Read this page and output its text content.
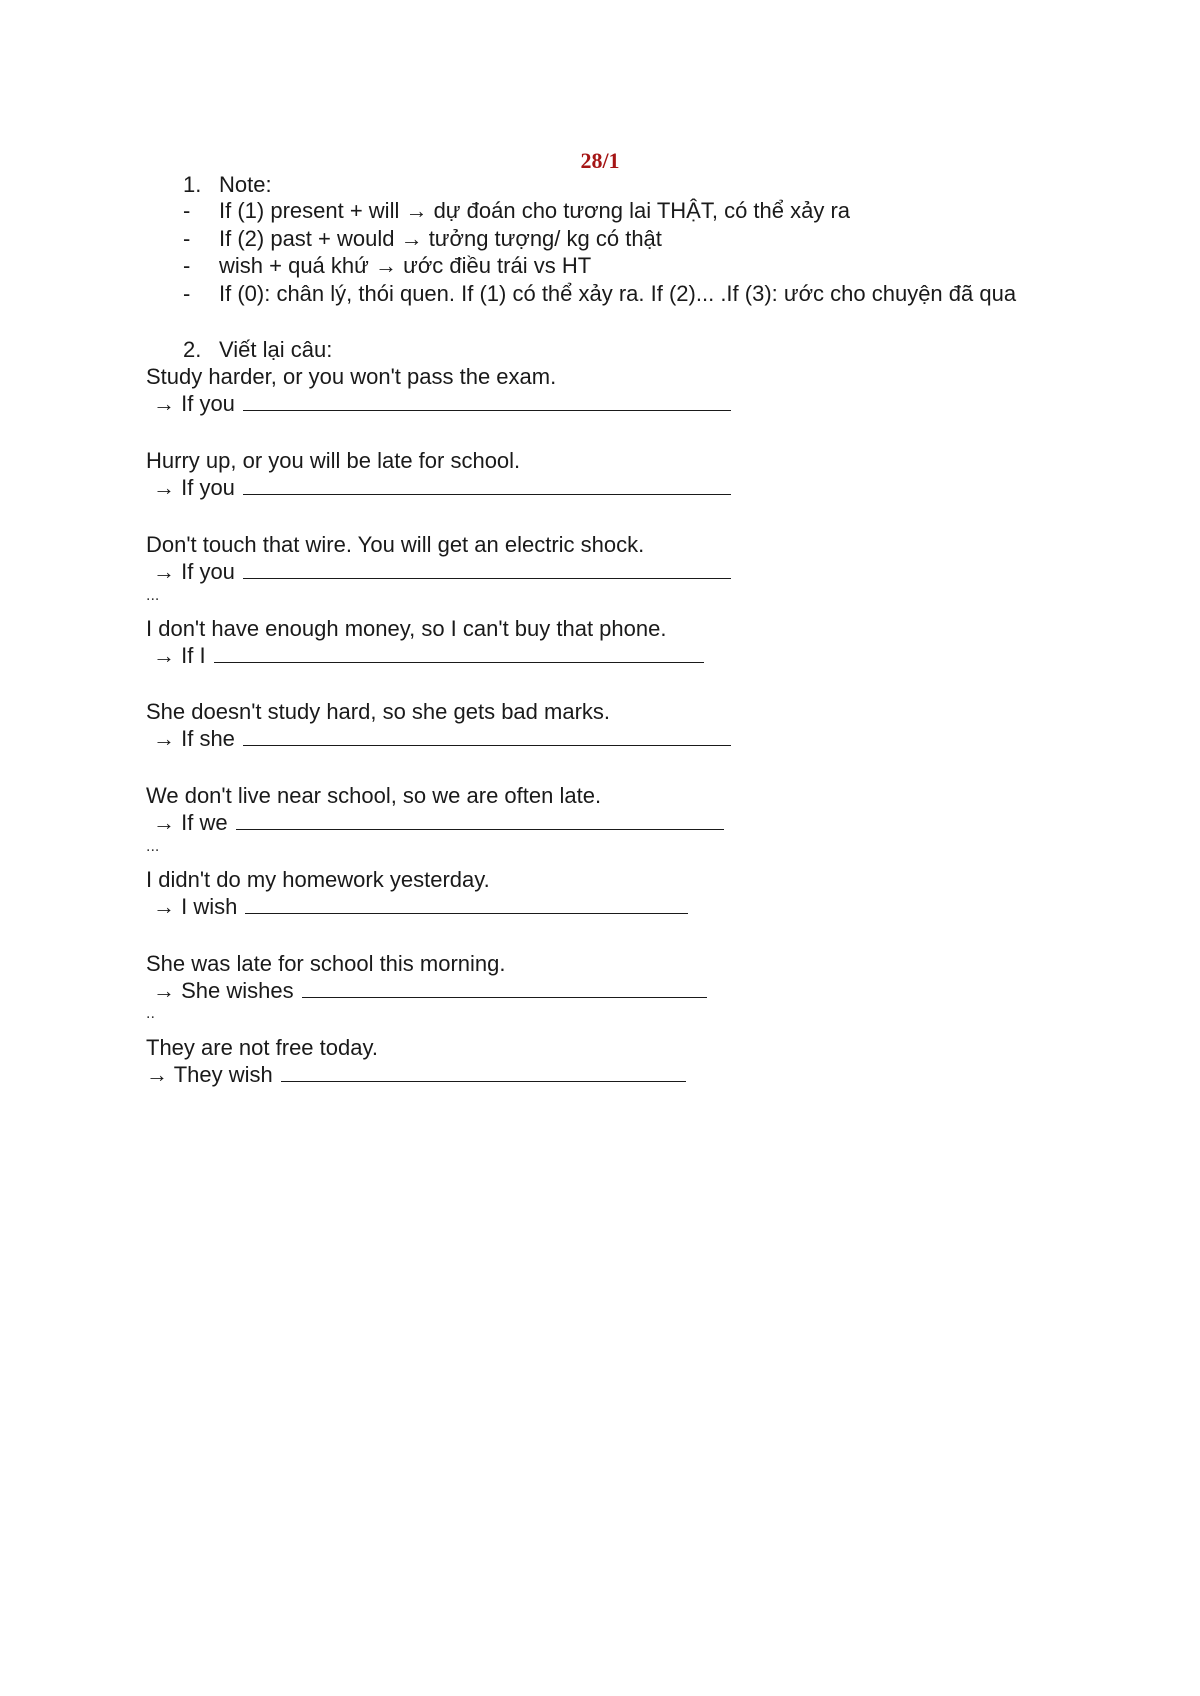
28/1
1. Note:
- If (1) present + will → dự đoán cho tương lai THẬT, có thể xảy ra
- If (2) past + would → tưởng tượng/ kg có thật
- wish + quá khứ → ước điều trái vs HT
- If (0): chân lý, thói quen. If (1) có thể xảy ra. If (2)... .If (3): ước cho chuyện đã qua
2. Viết lại câu:
Study harder, or you won't pass the exam.
→ If you
Hurry up, or you will be late for school.
→ If you
Don't touch that wire. You will get an electric shock.
→ If you
...
I don't have enough money, so I can't buy that phone.
→ If I
She doesn't study hard, so she gets bad marks.
→ If she
We don't live near school, so we are often late.
→ If we
...
I didn't do my homework yesterday.
→ I wish
She was late for school this morning.
→ She wishes
..
They are not free today.
→ They wish
